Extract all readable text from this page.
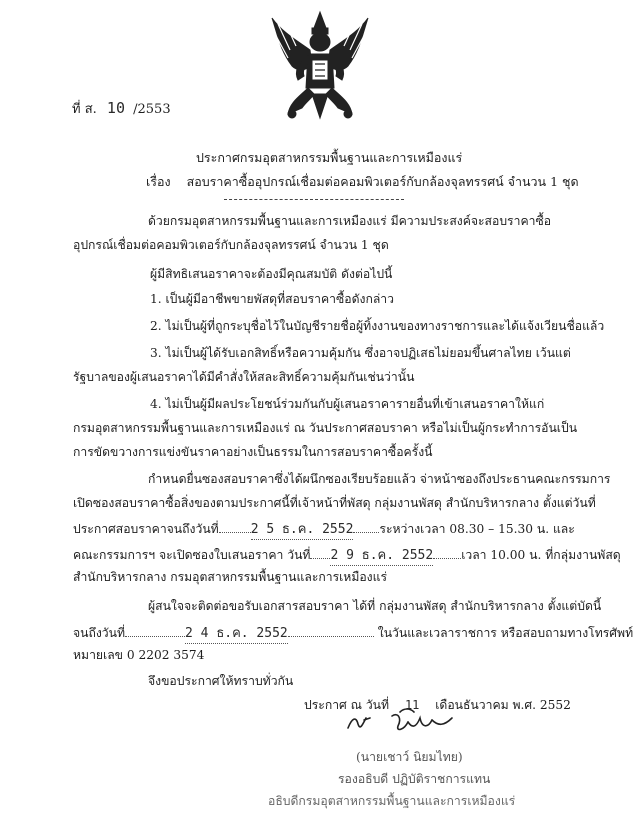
ที่ ส. 10 /2553
ประกาศกรมอุตสาหกรรมพื้นฐานและการเหมืองแร่
เรื่อง สอบราคาซื้ออุปกรณ์เชื่อมต่อคอมพิวเตอร์กับกล้องจุลทรรศน์ จำนวน 1 ชุด
ด้วยกรมอุตสาหกรรมพื้นฐานและการเหมืองแร่ มีความประสงค์จะสอบราคาซื้อ
อุปกรณ์เชื่อมต่อคอมพิวเตอร์กับกล้องจุลทรรศน์ จำนวน 1 ชุด
ผู้มีสิทธิเสนอราคาจะต้องมีคุณสมบัติ ดังต่อไปนี้
1. เป็นผู้มีอาชีพขายพัสดุที่สอบราคาซื้อดังกล่าว
2. ไม่เป็นผู้ที่ถูกระบุชื่อไว้ในบัญชีรายชื่อผู้ทิ้งงานของทางราชการและได้แจ้งเวียนชื่อแล้ว
3. ไม่เป็นผู้ได้รับเอกสิทธิ์หรือความคุ้มกัน ซึ่งอาจปฏิเสธไม่ยอมขึ้นศาลไทย เว้นแต่
รัฐบาลของผู้เสนอราคาได้มีคำสั่งให้สละสิทธิ์ความคุ้มกันเช่นว่านั้น
4. ไม่เป็นผู้มีผลประโยชน์ร่วมกันกับผู้เสนอราคารายอื่นที่เข้าเสนอราคาให้แก่
กรมอุตสาหกรรมพื้นฐานและการเหมืองแร่ ณ วันประกาศสอบราคา หรือไม่เป็นผู้กระทำการอันเป็น
การขัดขวางการแข่งขันราคาอย่างเป็นธรรมในการสอบราคาซื้อครั้งนี้
กำหนดยื่นซองสอบราคาซึ่งได้ผนึกซองเรียบร้อยแล้ว จ่าหน้าซองถึงประธานคณะกรรมการ
เปิดซองสอบราคาซื้อสิ่งของตามประกาศนี้ที่เจ้าหน้าที่พัสดุ กลุ่มงานพัสดุ สำนักบริหารกลาง ตั้งแต่วันที่
ประกาศสอบราคาจนถึงวันที่ 2 5 ธ.ค. 2552 ระหว่างเวลา 08.30 – 15.30 น. และ
คณะกรรมการฯ จะเปิดซองใบเสนอราคา วันที่ 2 9 ธ.ค. 2552 เวลา 10.00 น. ที่กลุ่มงานพัสดุ
สำนักบริหารกลาง กรมอุตสาหกรรมพื้นฐานและการเหมืองแร่
ผู้สนใจจะติดต่อขอรับเอกสารสอบราคา ได้ที่ กลุ่มงานพัสดุ สำนักบริหารกลาง ตั้งแต่บัดนี้
จนถึงวันที่	2 4 ธ.ค. 2552	ในวันและเวลาราชการ หรือสอบถามทางโทรศัพท์
หมายเลข 0 2202 3574
จึงขอประกาศให้ทราบทั่วกัน
ประกาศ ณ วันที่ 11 เดือนธันวาคม พ.ศ. 2552
(นายเชาว์ นิยมไทย)
รองอธิบดี ปฏิบัติราชการแทน
อธิบดีกรมอุตสาหกรรมพื้นฐานและการเหมืองแร่
